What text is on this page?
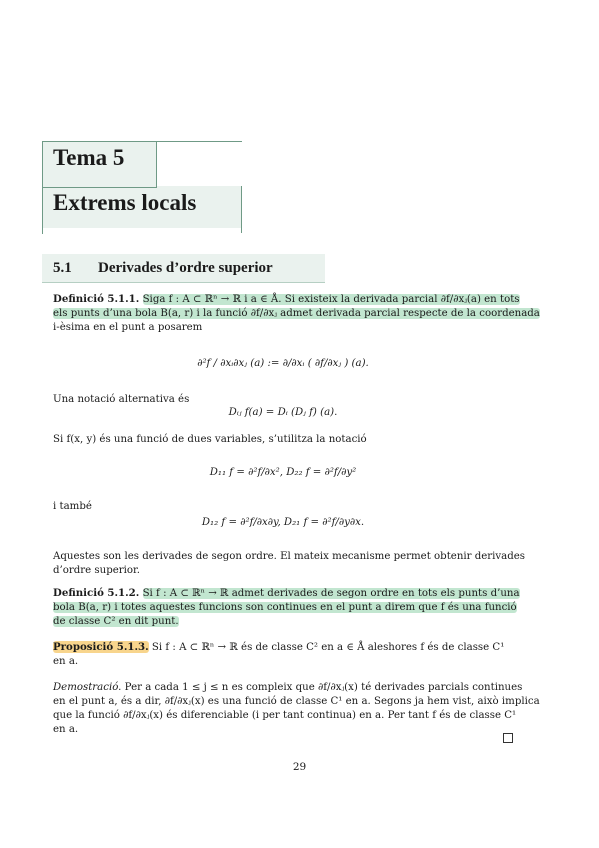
Tema 5
Extrems locals
5.1 Derivades d’ordre superior
Definició 5.1.1. Siga f : A ⊂ ℝⁿ → ℝ i a ∈ Å. Si existeix la derivada parcial ∂f/∂xⱼ(a) en tots
els punts d’una bola B(a, r) i la funció ∂f/∂xⱼ admet derivada parcial respecte de la coordenada
i-èsima en el punt a posarem
∂²f / ∂xᵢ∂xⱼ (a) := ∂/∂xᵢ ( ∂f/∂xⱼ ) (a).
Una notació alternativa és
Dᵢⱼ f(a) = Dᵢ (Dⱼ f) (a).
Si f(x, y) és una funció de dues variables, s’utilitza la notació
D₁₁ f = ∂²f/∂x², D₂₂ f = ∂²f/∂y²
i també
D₁₂ f = ∂²f/∂x∂y, D₂₁ f = ∂²f/∂y∂x.
Aquestes son les derivades de segon ordre. El mateix mecanisme permet obtenir derivades
d’ordre superior.
Definició 5.1.2. Si f : A ⊂ ℝⁿ → ℝ admet derivades de segon ordre en tots els punts d’una
bola B(a, r) i totes aquestes funcions son continues en el punt a direm que f és una funció
de classe C² en dit punt.
Proposició 5.1.3. Si f : A ⊂ ℝⁿ → ℝ és de classe C² en a ∈ Å aleshores f és de classe C¹
en a.
Demostració. Per a cada 1 ≤ j ≤ n es compleix que ∂f/∂xⱼ(x) té derivades parcials continues
en el punt a, és a dir, ∂f/∂xⱼ(x) es una funció de classe C¹ en a. Segons ja hem vist, això implica
que la funció ∂f/∂xⱼ(x) és diferenciable (i per tant continua) en a. Per tant f és de classe C¹
en a.
29
